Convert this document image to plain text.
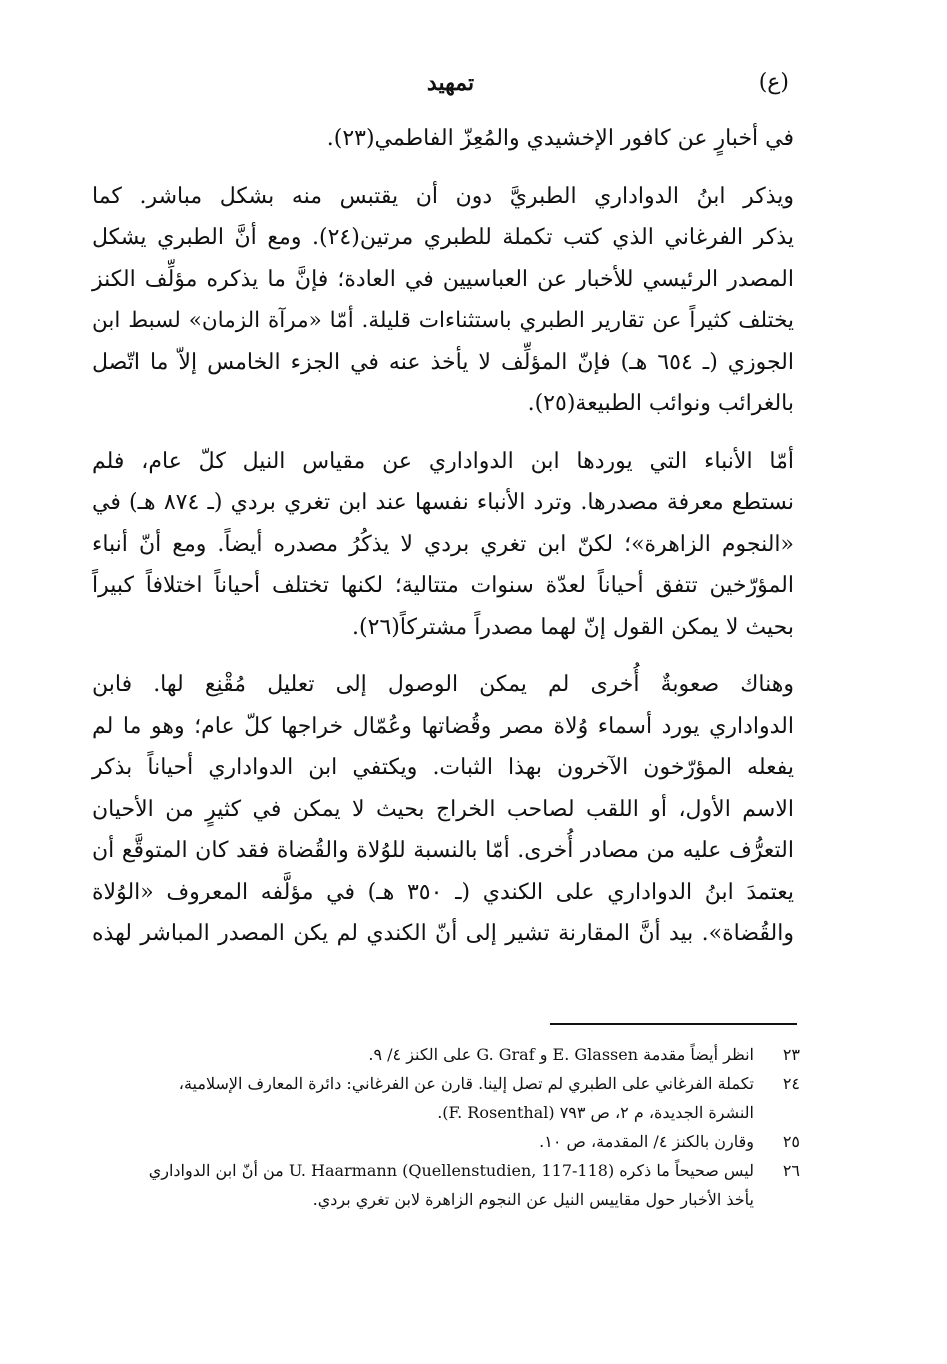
(ع)
تمهيد

في أخبارٍ عن كافور الإخشيدي والمُعِزّ الفاطمي(٢٣).

ويذكر ابنُ الدواداري الطبريَّ دون أن يقتبس منه بشكل مباشر. كما
يذكر الفرغاني الذي كتب تكملة للطبري مرتين(٢٤). ومع أنَّ الطبري يشكل
المصدر الرئيسي للأخبار عن العباسيين في العادة؛ فإنَّ ما يذكره مؤلِّف الكنز
يختلف كثيراً عن تقارير الطبري باستثناءات قليلة. أمّا «مرآة الزمان» لسبط ابن
الجوزي (ـ ٦٥٤ هـ) فإنّ المؤلِّف لا يأخذ عنه في الجزء الخامس إلاّ ما اتّصل
بالغرائب ونوائب الطبيعة(٢٥).

أمّا الأنباء التي يوردها ابن الدواداري عن مقياس النيل كلّ عام، فلم
نستطع معرفة مصدرها. وترد الأنباء نفسها عند ابن تغري بردي (ـ ٨٧٤ هـ) في
«النجوم الزاهرة»؛ لكنّ ابن تغري بردي لا يذكُرُ مصدره أيضاً. ومع أنّ أنباء
المؤرّخين تتفق أحياناً لعدّة سنوات متتالية؛ لكنها تختلف أحياناً اختلافاً كبيراً
بحيث لا يمكن القول إنّ لهما مصدراً مشتركاً(٢٦).

وهناك صعوبةٌ أُخرى لم يمكن الوصول إلى تعليل مُقْنِع لها. فابن
الدواداري يورد أسماء وُلاة مصر وقُضاتها وعُمّال خراجها كلّ عام؛ وهو ما لم
يفعله المؤرّخون الآخرون بهذا الثبات. ويكتفي ابن الدواداري أحياناً بذكر
الاسم الأول، أو اللقب لصاحب الخراج بحيث لا يمكن في كثيرٍ من الأحيان
التعرُّف عليه من مصادر أُخرى. أمّا بالنسبة للوُلاة والقُضاة فقد كان المتوقَّع أن
يعتمدَ ابنُ الدواداري على الكندي (ـ ٣٥٠ هـ) في مؤلَّفه المعروف «الوُلاة
والقُضاة». بيد أنَّ المقارنة تشير إلى أنّ الكندي لم يكن المصدر المباشر لهذه

٢٣
انظر أيضاً مقدمة E. Glassen و G. Graf على الكنز ٤/ ٩.
٢٤
تكملة الفرغاني على الطبري لم تصل إلينا. قارن عن الفرغاني: دائرة المعارف الإسلامية،
النشرة الجديدة، م ٢، ص ٧٩٣ (F. Rosenthal).
٢٥
وقارن بالكنز ٤/ المقدمة، ص ١٠.
٢٦
ليس صحيحاً ما ذكره U. Haarmann (Quellenstudien, 117-118) من أنّ ابن الدواداري
يأخذ الأخبار حول مقاييس النيل عن النجوم الزاهرة لابن تغري بردي.
